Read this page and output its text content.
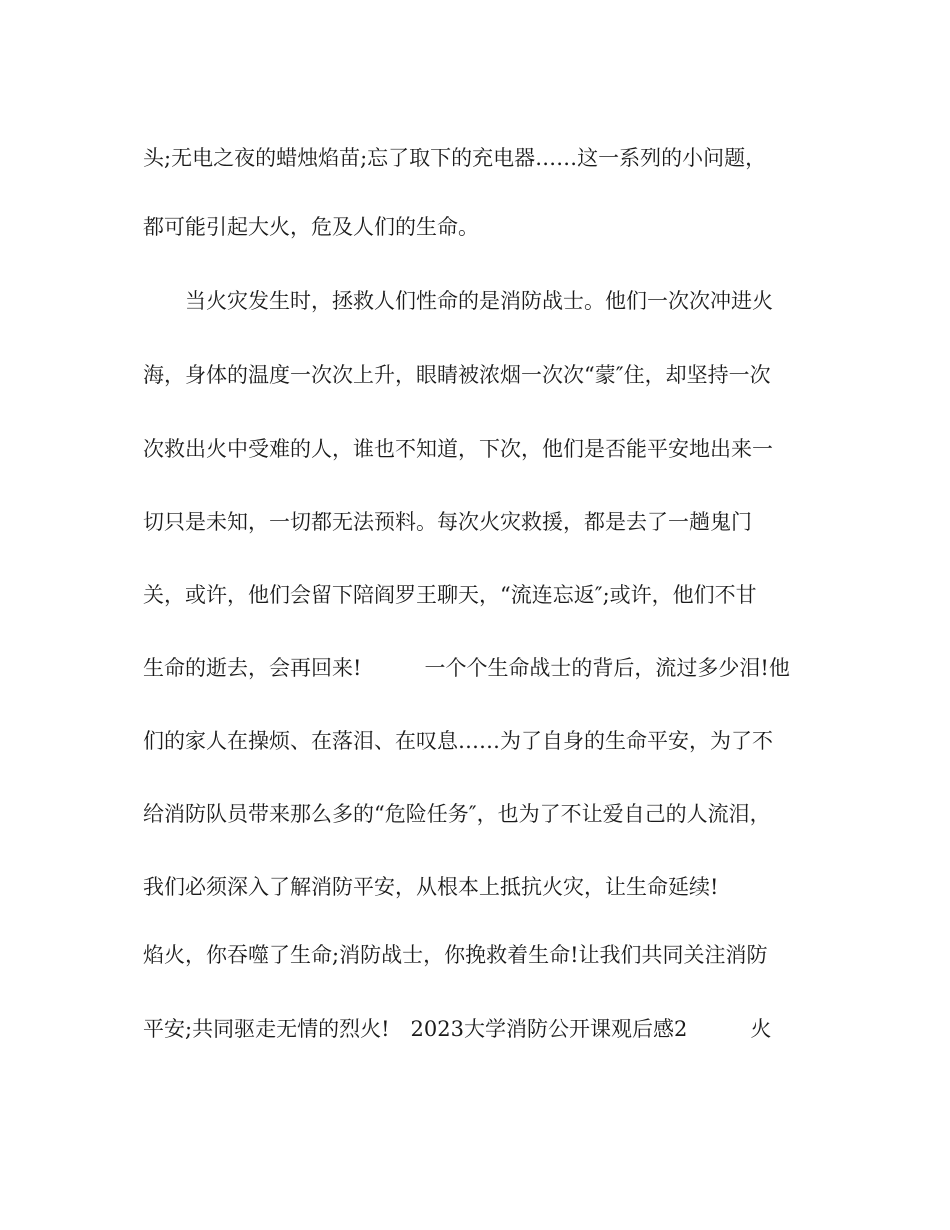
头;无电之夜的蜡烛焰苗;忘了取下的充电器……这一系列的小问题，

都可能引起大火，危及人们的生命。

　　当火灾发生时，拯救人们性命的是消防战士。他们一次次冲进火

海，身体的温度一次次上升，眼睛被浓烟一次次“蒙″住，却坚持一次

次救出火中受难的人，谁也不知道，下次，他们是否能平安地出来一

切只是未知，一切都无法预料。每次火灾救援，都是去了一趟鬼门

关，或许，他们会留下陪阎罗王聊天，“流连忘返″;或许，他们不甘

生命的逝去，会再回来!　　　一个个生命战士的背后，流过多少泪!他

们的家人在操烦、在落泪、在叹息……为了自身的生命平安，为了不

给消防队员带来那么多的“危险任务″，也为了不让爱自己的人流泪，

我们必须深入了解消防平安，从根本上抵抗火灾，让生命延续!

焰火，你吞噬了生命;消防战士，你挽救着生命!让我们共同关注消防

平安;共同驱走无情的烈火!　2023大学消防公开课观后感2　　　火
